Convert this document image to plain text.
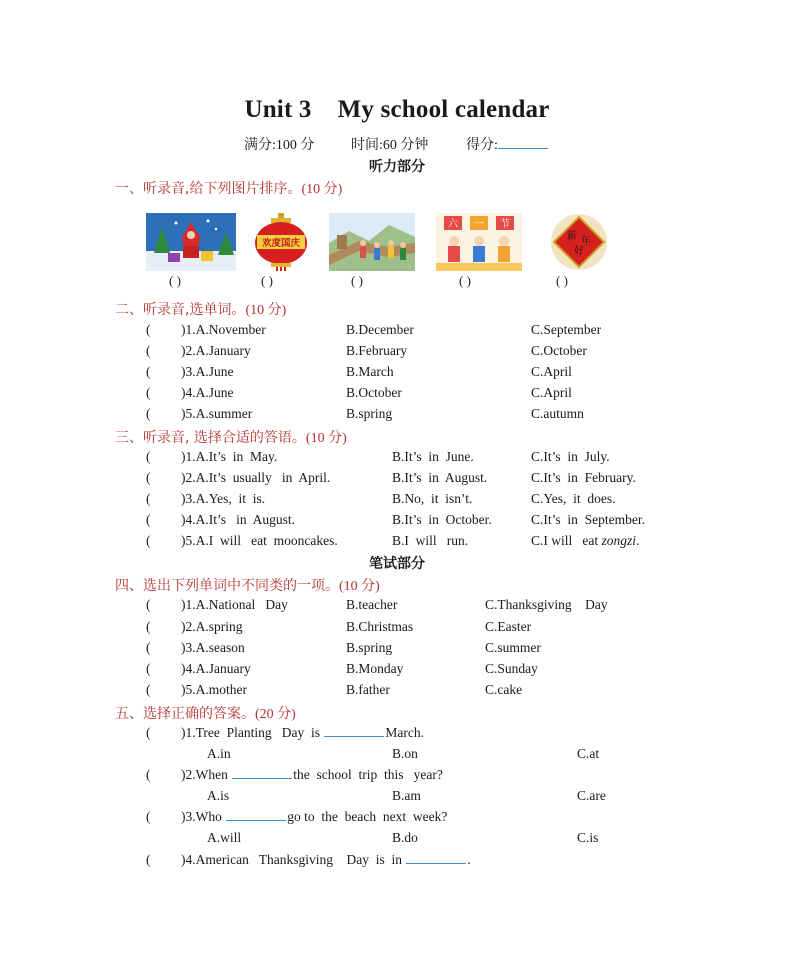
Unit 3 My school calendar
满分:100 分	时间:60 分钟	得分:
听力部分
一、听录音,给下列图片排序。(10 分)
欢度国庆
六 一 节
新 年
好
( )	( )	( )	( )	( )
二、听录音,选单词。(10 分)
( )1.A.November	B.December	C.September
( )2.A.January	B.February	C.October
( )3.A.June	B.March	C.April
( )4.A.June	B.October	C.April
( )5.A.summer	B.spring	C.autumn
三、听录音, 选择合适的答语。(10 分)
( )1.A.It’s  in  May.	B.It’s  in  June.	C.It’s  in  July.
( )2.A.It’s  usually   in  April.	B.It’s  in  August.	C.It’s  in  February.
( )3.A.Yes,  it  is.	B.No,  it  isn’t.	C.Yes,  it  does.
( )4.A.It’s   in  August.	B.It’s  in  October.	C.It’s  in  September.
( )5.A.I  will   eat  mooncakes.	B.I  will   run.	C.I will   eat zongzi.
笔试部分
四、选出下列单词中不同类的一项。(10 分)
( )1.A.National   Day	B.teacher	C.Thanksgiving    Day
( )2.A.spring	B.Christmas	C.Easter
( )3.A.season	B.spring	C.summer
( )4.A.January	B.Monday	C.Sunday
( )5.A.mother	B.father	C.cake
五、选择正确的答案。(20 分)
( )1.Tree  Planting   Day  is	March.
A.in	B.on	C.at
( )2.When	the  school  trip  this   year?
A.is	B.am	C.are
( )3.Who	go to  the  beach  next  week?
A.will	B.do	C.is
( )4.American   Thanksgiving    Day  is  in	.
